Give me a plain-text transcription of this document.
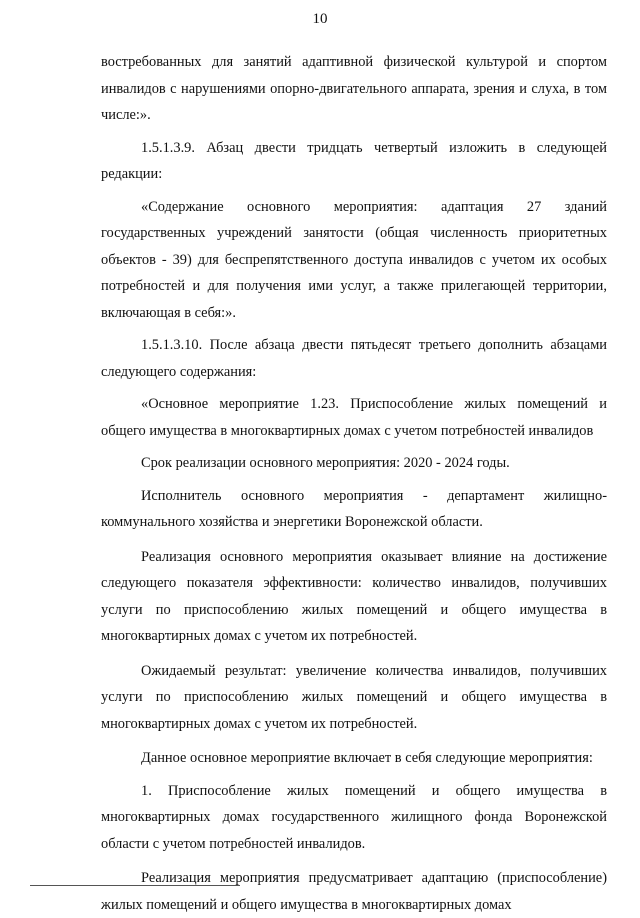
10

востребованных для занятий адаптивной физической культурой и спортом инвалидов с нарушениями опорно-двигательного аппарата, зрения и слуха, в том числе:».

1.5.1.3.9. Абзац двести тридцать четвертый изложить в следующей редакции:

«Содержание основного мероприятия: адаптация 27 зданий государственных учреждений занятости (общая численность приоритетных объектов - 39) для беспрепятственного доступа инвалидов с учетом их особых потребностей и для получения ими услуг, а также прилегающей территории, включающая в себя:».

1.5.1.3.10. После абзаца двести пятьдесят третьего дополнить абзацами следующего содержания:

«Основное мероприятие 1.23. Приспособление жилых помещений и общего имущества в многоквартирных домах с учетом потребностей инвалидов

Срок реализации основного мероприятия: 2020 - 2024 годы.

Исполнитель основного мероприятия - департамент жилищно-коммунального хозяйства и энергетики Воронежской области.

Реализация основного мероприятия оказывает влияние на достижение следующего показателя эффективности: количество инвалидов, получивших услуги по приспособлению жилых помещений и общего имущества в многоквартирных домах с учетом их потребностей.

Ожидаемый результат: увеличение количества инвалидов, получивших услуги по приспособлению жилых помещений и общего имущества в многоквартирных домах с учетом их потребностей.

Данное основное мероприятие включает в себя следующие мероприятия:

1. Приспособление жилых помещений и общего имущества в многоквартирных домах государственного жилищного фонда Воронежской области с учетом потребностей инвалидов.

Реализация мероприятия предусматривает адаптацию (приспособление) жилых помещений и общего имущества в многоквартирных домах
